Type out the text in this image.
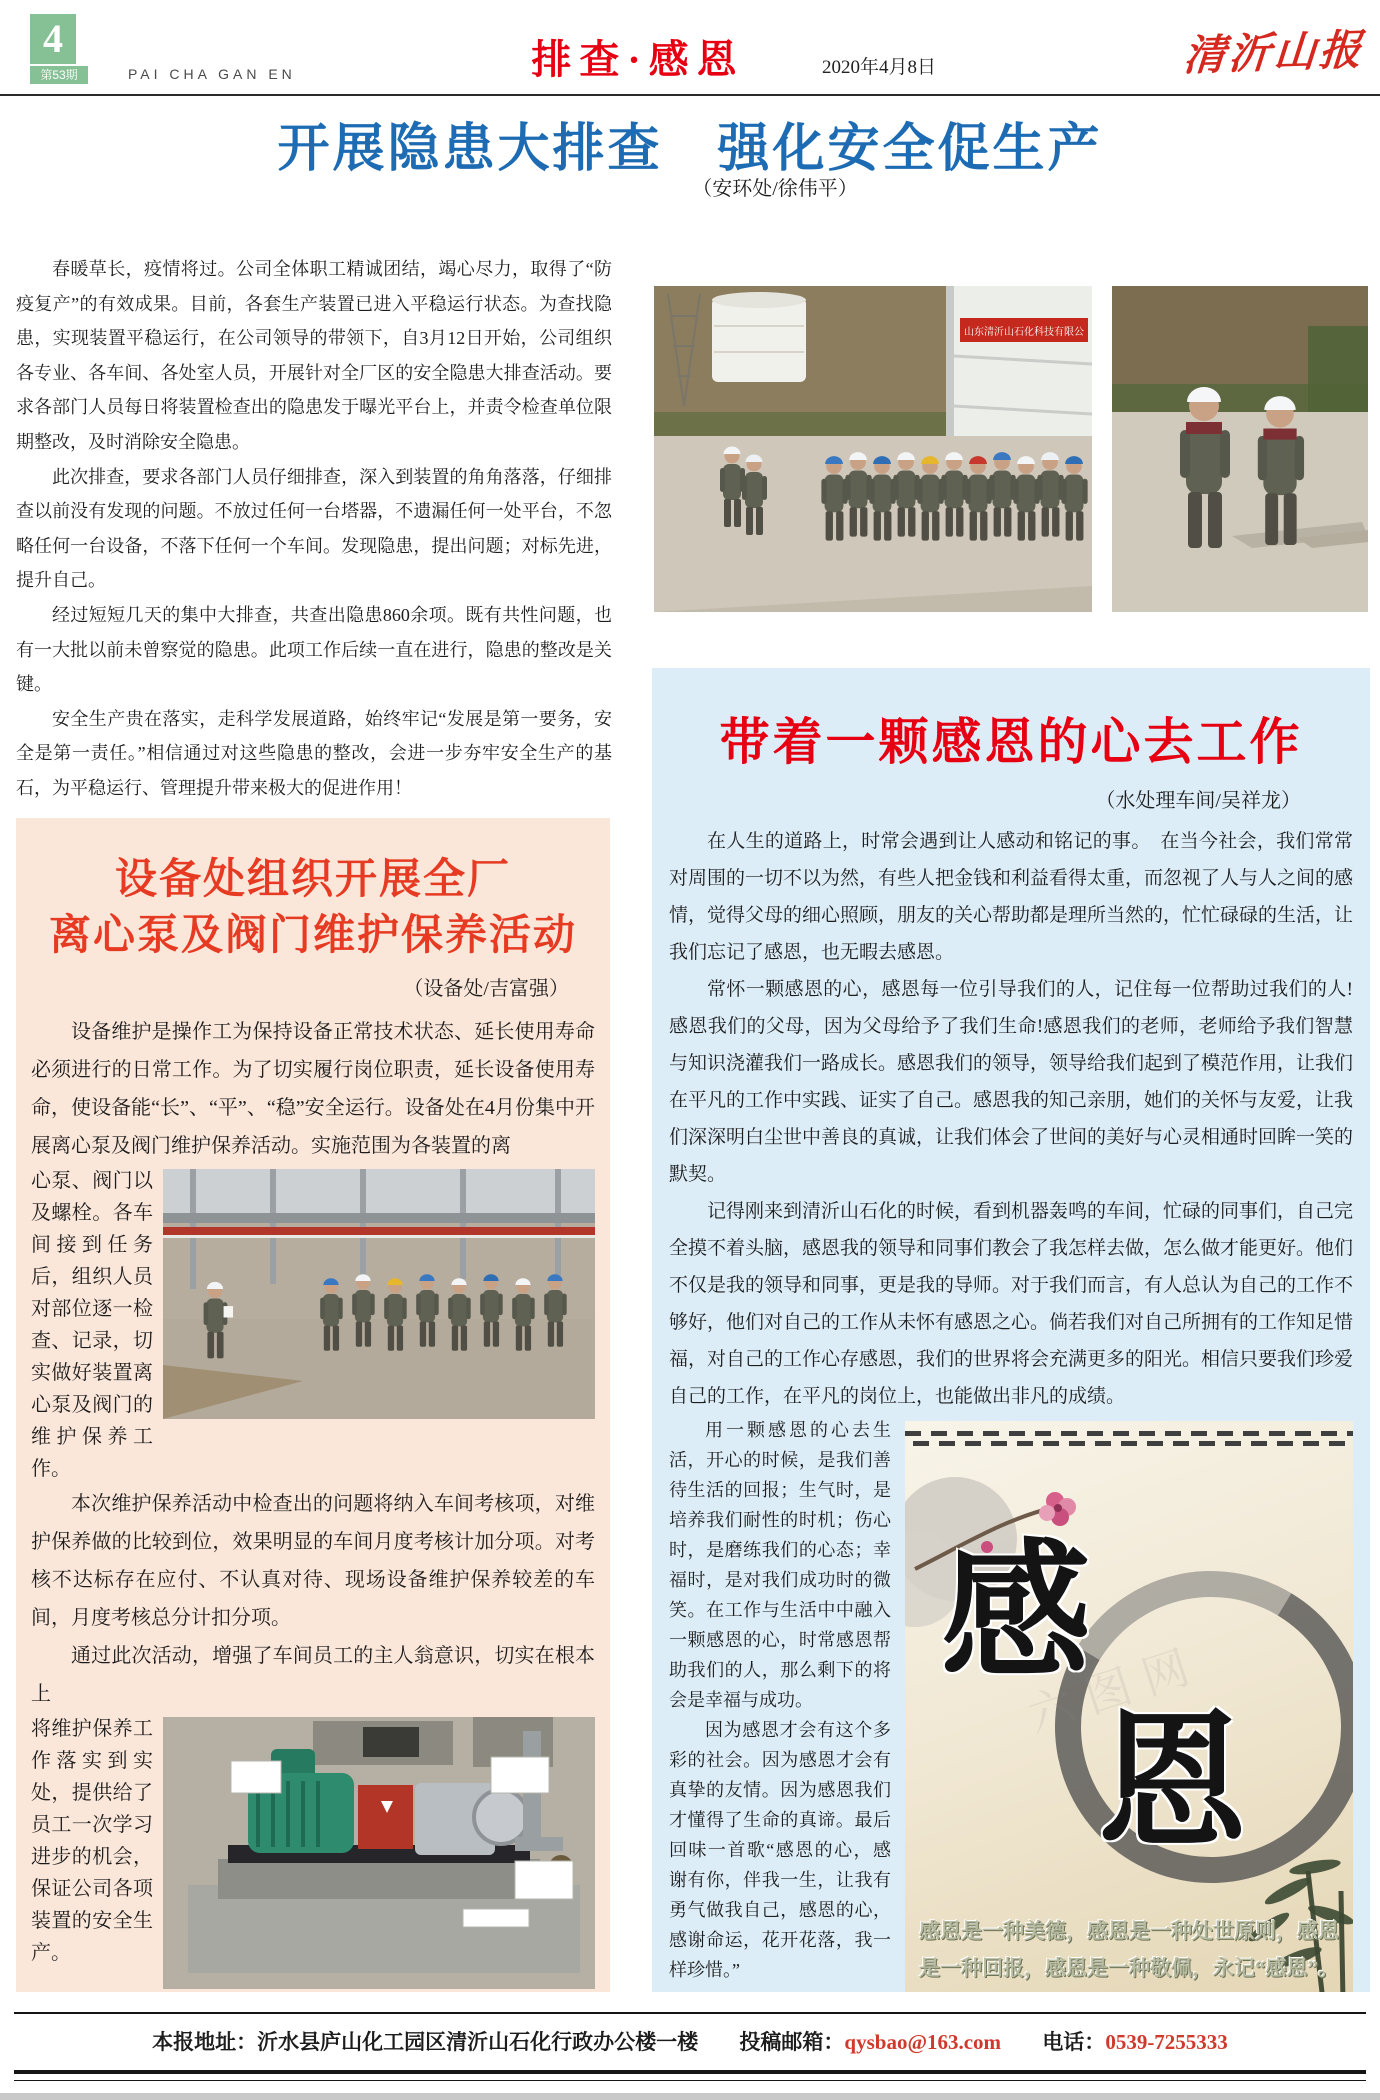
4
第53期	PAI CHA GAN EN	排查·感恩	2020年4月8日	清沂山报
开展隐患大排查　强化安全促生产
（安环处/徐伟平）

春暖草长，疫情将过。公司全体职工精诚团结，竭心尽力，取得了“防疫复产”的有效成果。目前，各套生产装置已进入平稳运行状态。为查找隐患，实现装置平稳运行，在公司领导的带领下，自3月12日开始，公司组织各专业、各车间、各处室人员，开展针对全厂区的安全隐患大排查活动。要求各部门人员每日将装置检查出的隐患发于曝光平台上，并责令检查单位限期整改，及时消除安全隐患。

此次排查，要求各部门人员仔细排查，深入到装置的角角落落，仔细排查以前没有发现的问题。不放过任何一台塔器，不遗漏任何一处平台，不忽略任何一台设备，不落下任何一个车间。发现隐患，提出问题；对标先进，提升自己。

经过短短几天的集中大排查，共查出隐患860余项。既有共性问题，也有一大批以前未曾察觉的隐患。此项工作后续一直在进行，隐患的整改是关键。

安全生产贵在落实，走科学发展道路，始终牢记“发展是第一要务，安全是第一责任。”相信通过对这些隐患的整改，会进一步夯牢安全生产的基石，为平稳运行、管理提升带来极大的促进作用！

山东清沂山石化科技有限公
设备处组织开展全厂
离心泵及阀门维护保养活动
（设备处/吉富强）

设备维护是操作工为保持设备正常技术状态、延长使用寿命必须进行的日常工作。为了切实履行岗位职责，延长设备使用寿命，使设备能“长”、“平”、“稳”安全运行。设备处在4月份集中开展离心泵及阀门维护保养活动。实施范围为各装置的离

心泵、阀门以及螺栓。各车间接到任务后，组织人员对部位逐一检查、记录，切实做好装置离心泵及阀门的维护保养工作。

本次维护保养活动中检查出的问题将纳入车间考核项，对维护保养做的比较到位，效果明显的车间月度考核计加分项。对考核不达标存在应付、不认真对待、现场设备维护保养较差的车间，月度考核总分计扣分项。

通过此次活动，增强了车间员工的主人翁意识，切实在根本上

将维护保养工作落实到实处，提供给了员工一次学习进步的机会，保证公司各项装置的安全生产。

带着一颗感恩的心去工作
（水处理车间/吴祥龙）

在人生的道路上，时常会遇到让人感动和铭记的事。　在当今社会，我们常常对周围的一切不以为然，有些人把金钱和利益看得太重，而忽视了人与人之间的感情，觉得父母的细心照顾，朋友的关心帮助都是理所当然的，忙忙碌碌的生活，让我们忘记了感恩，也无暇去感恩。

常怀一颗感恩的心，感恩每一位引导我们的人，记住每一位帮助过我们的人!感恩我们的父母，因为父母给予了我们生命!感恩我们的老师，老师给予我们智慧与知识浇灌我们一路成长。感恩我们的领导，领导给我们起到了模范作用，让我们在平凡的工作中实践、证实了自己。感恩我的知己亲朋，她们的关怀与友爱，让我们深深明白尘世中善良的真诚，让我们体会了世间的美好与心灵相通时回眸一笑的默契。

记得刚来到清沂山石化的时候，看到机器轰鸣的车间，忙碌的同事们，自己完全摸不着头脑，感恩我的领导和同事们教会了我怎样去做，怎么做才能更好。他们不仅是我的领导和同事，更是我的导师。对于我们而言，有人总认为自己的工作不够好，他们对自己的工作从未怀有感恩之心。倘若我们对自己所拥有的工作知足惜福，对自己的工作心存感恩，我们的世界将会充满更多的阳光。相信只要我们珍爱自己的工作，在平凡的岗位上，也能做出非凡的成绩。

感
恩
六图网
感恩是一种美德，感恩是一种处世原则，感恩是一种回报，感恩是一种敬佩，永记“感恩”。

用一颗感恩的心去生活，开心的时候，是我们善待生活的回报；生气时，是培养我们耐性的时机；伤心时，是磨练我们的心态；幸福时，是对我们成功时的微笑。在工作与生活中中融入一颗感恩的心，时常感恩帮助我们的人，那么剩下的将会是幸福与成功。

因为感恩才会有这个多彩的社会。因为感恩才会有真挚的友情。因为感恩我们才懂得了生命的真谛。最后回味一首歌“感恩的心，感谢有你，伴我一生，让我有勇气做我自己，感恩的心，感谢命运，花开花落，我一样珍惜。”

本报地址：沂水县庐山化工园区清沂山石化行政办公楼一楼 投稿邮箱：qysbao@163.com 电话：0539-7255333
